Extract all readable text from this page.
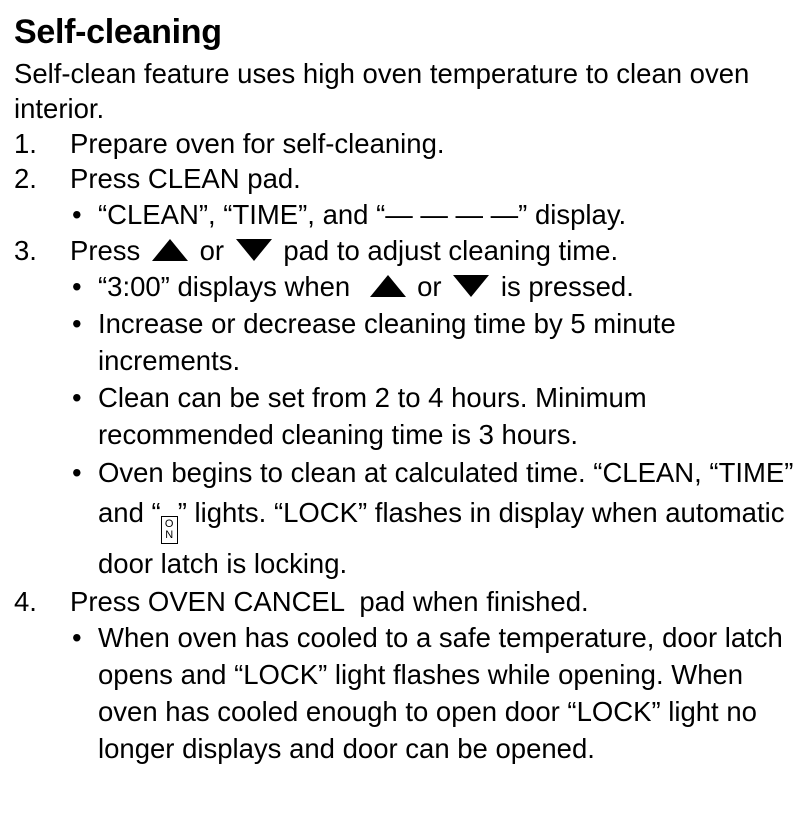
Self-cleaning

Self-clean feature uses high oven temperature to clean oven interior.

1.	Prepare oven for self-cleaning.
2.	Press CLEAN pad.
• “CLEAN”, “TIME”, and “— — — —” display.
3.	Press or pad to adjust cleaning time.
• “3:00” displays when or is pressed.
• Increase or decrease cleaning time by 5 minute increments.
• Clean can be set from 2 to 4 hours. Minimum recommended cleaning time is 3 hours.
• Oven begins to clean at calculated time. “CLEAN, “TIME” and “ O
N
” lights. “LOCK” flashes in display when automatic door latch is locking.
4.	Press OVEN CANCEL  pad when finished.
• When oven has cooled to a safe temperature, door latch opens and “LOCK” light flashes while opening. When oven has cooled enough to open door “LOCK” light no longer displays and door can be opened.
